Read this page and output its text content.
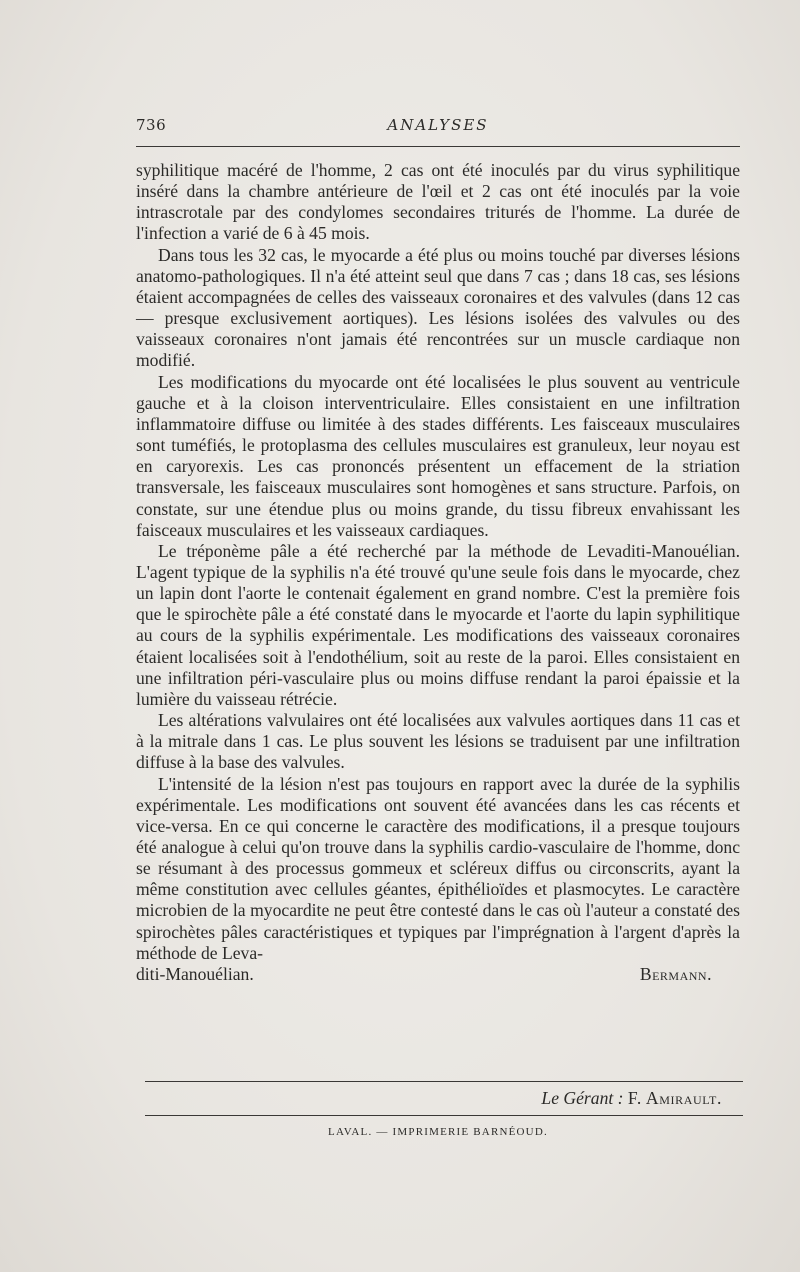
736	ANALYSES

syphilitique macéré de l'homme, 2 cas ont été inoculés par du virus syphilitique inséré dans la chambre antérieure de l'œil et 2 cas ont été inoculés par la voie intrascrotale par des condylomes secondaires triturés de l'homme. La durée de l'infection a varié de 6 à 45 mois.

Dans tous les 32 cas, le myocarde a été plus ou moins touché par diverses lésions anatomo-pathologiques. Il n'a été atteint seul que dans 7 cas ; dans 18 cas, ses lésions étaient accompagnées de celles des vaisseaux coronaires et des valvules (dans 12 cas — presque exclusivement aortiques). Les lésions isolées des valvules ou des vaisseaux coronaires n'ont jamais été rencontrées sur un muscle cardiaque non modifié.

Les modifications du myocarde ont été localisées le plus souvent au ventricule gauche et à la cloison interventriculaire. Elles consistaient en une infiltration inflammatoire diffuse ou limitée à des stades différents. Les faisceaux musculaires sont tuméfiés, le protoplasma des cellules musculaires est granuleux, leur noyau est en caryorexis. Les cas prononcés présentent un effacement de la striation transversale, les faisceaux musculaires sont homogènes et sans structure. Parfois, on constate, sur une étendue plus ou moins grande, du tissu fibreux envahissant les faisceaux musculaires et les vaisseaux cardiaques.

Le tréponème pâle a été recherché par la méthode de Levaditi-Manouélian. L'agent typique de la syphilis n'a été trouvé qu'une seule fois dans le myocarde, chez un lapin dont l'aorte le contenait également en grand nombre. C'est la première fois que le spirochète pâle a été constaté dans le myocarde et l'aorte du lapin syphilitique au cours de la syphilis expérimentale. Les modifications des vaisseaux coronaires étaient localisées soit à l'endothélium, soit au reste de la paroi. Elles consistaient en une infiltration péri-vasculaire plus ou moins diffuse rendant la paroi épaissie et la lumière du vaisseau rétrécie.

Les altérations valvulaires ont été localisées aux valvules aortiques dans 11 cas et à la mitrale dans 1 cas. Le plus souvent les lésions se traduisent par une infiltration diffuse à la base des valvules.

L'intensité de la lésion n'est pas toujours en rapport avec la durée de la syphilis expérimentale. Les modifications ont souvent été avancées dans les cas récents et vice-versa. En ce qui concerne le caractère des modifications, il a presque toujours été analogue à celui qu'on trouve dans la syphilis cardio-vasculaire de l'homme, donc se résumant à des processus gommeux et scléreux diffus ou circonscrits, ayant la même constitution avec cellules géantes, épithélioïdes et plasmocytes. Le caractère microbien de la myocardite ne peut être contesté dans le cas où l'auteur a constaté des spirochètes pâles caractéristiques et typiques par l'imprégnation à l'argent d'après la méthode de Leva-

diti-Manouélian.	Bermann.
Le Gérant : F. Amirault.
LAVAL. — IMPRIMERIE BARNÉOUD.
